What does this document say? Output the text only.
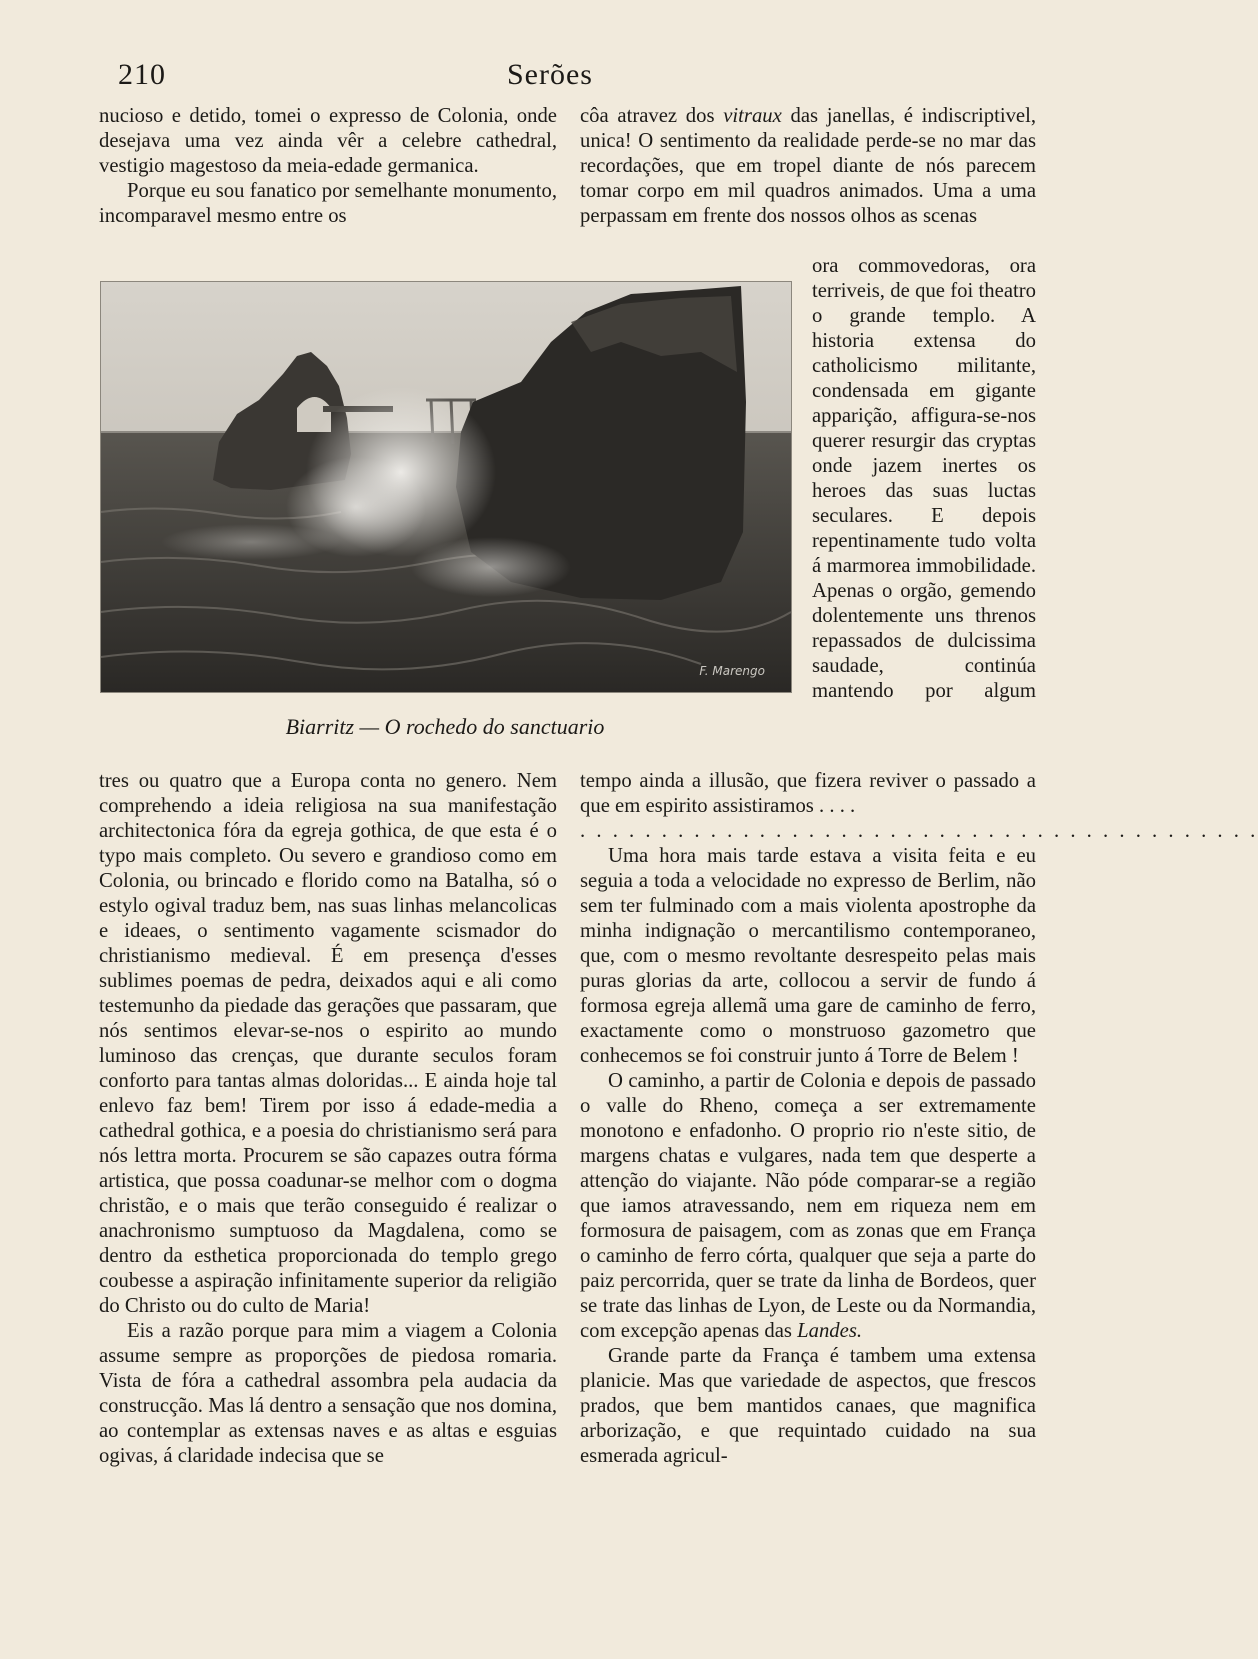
210	Serões

nucioso e detido, tomei o expresso de Colonia, onde desejava uma vez ainda vêr a celebre cathedral, vestigio magestoso da meia-edade germanica.

Porque eu sou fanatico por semelhante monumento, incomparavel mesmo entre os

côa atravez dos vitraux das janellas, é indiscriptivel, unica! O sentimento da realidade perde-se no mar das recordações, que em tropel diante de nós parecem tomar corpo em mil quadros animados. Uma a uma perpassam em frente dos nossos olhos as scenas

ora commovedoras, ora terriveis, de que foi theatro o grande templo. A historia extensa do catholicismo militante, condensada em gigante apparição, affigura-se-nos querer resurgir das cryptas onde jazem inertes os heroes das suas luctas seculares. E depois repentinamente tudo volta á marmorea immobilidade. Apenas o orgão, gemendo dolentemente uns threnos repassados de dulcissima saudade, continúa mantendo por algum

F. Marengo
Biarritz — O rochedo do sanctuario

tres ou quatro que a Europa conta no genero. Nem comprehendo a ideia religiosa na sua manifestação architectonica fóra da egreja gothica, de que esta é o typo mais completo. Ou severo e grandioso como em Colonia, ou brincado e florido como na Batalha, só o estylo ogival traduz bem, nas suas linhas melancolicas e ideaes, o sentimento vagamente scismador do christianismo medieval. É em presença d'esses sublimes poemas de pedra, deixados aqui e ali como testemunho da piedade das gerações que passaram, que nós sentimos elevar-se-nos o espirito ao mundo luminoso das crenças, que durante seculos foram conforto para tantas almas doloridas... E ainda hoje tal enlevo faz bem! Tirem por isso á edade-media a cathedral gothica, e a poesia do christianismo será para nós lettra morta. Procurem se são capazes outra fórma artistica, que possa coadunar-se melhor com o dogma christão, e o mais que terão conseguido é realizar o anachronismo sumptuoso da Magdalena, como se dentro da esthetica proporcionada do templo grego coubesse a aspiração infinitamente superior da religião do Christo ou do culto de Maria!

Eis a razão porque para mim a viagem a Colonia assume sempre as proporções de piedosa romaria. Vista de fóra a cathedral assombra pela audacia da construcção. Mas lá dentro a sensação que nos domina, ao contemplar as extensas naves e as altas e esguias ogivas, á claridade indecisa que se

tempo ainda a illusão, que fizera reviver o passado a que em espirito assistiramos . . . .

. . . . . . . . . . . . . . . . . . . . . . . . . . . . . . . . . . . . . . . . . .

Uma hora mais tarde estava a visita feita e eu seguia a toda a velocidade no expresso de Berlim, não sem ter fulminado com a mais violenta apostrophe da minha indignação o mercantilismo contemporaneo, que, com o mesmo revoltante desrespeito pelas mais puras glorias da arte, collocou a servir de fundo á formosa egreja allemã uma gare de caminho de ferro, exactamente como o monstruoso gazometro que conhecemos se foi construir junto á Torre de Belem !

O caminho, a partir de Colonia e depois de passado o valle do Rheno, começa a ser extremamente monotono e enfadonho. O proprio rio n'este sitio, de margens chatas e vulgares, nada tem que desperte a attenção do viajante. Não póde comparar-se a região que iamos atravessando, nem em riqueza nem em formosura de paisagem, com as zonas que em França o caminho de ferro córta, qualquer que seja a parte do paiz percorrida, quer se trate da linha de Bordeos, quer se trate das linhas de Lyon, de Leste ou da Normandia, com excepção apenas das Landes.

Grande parte da França é tambem uma extensa planicie. Mas que variedade de aspectos, que frescos prados, que bem mantidos canaes, que magnifica arborização, e que requintado cuidado na sua esmerada agricul-
